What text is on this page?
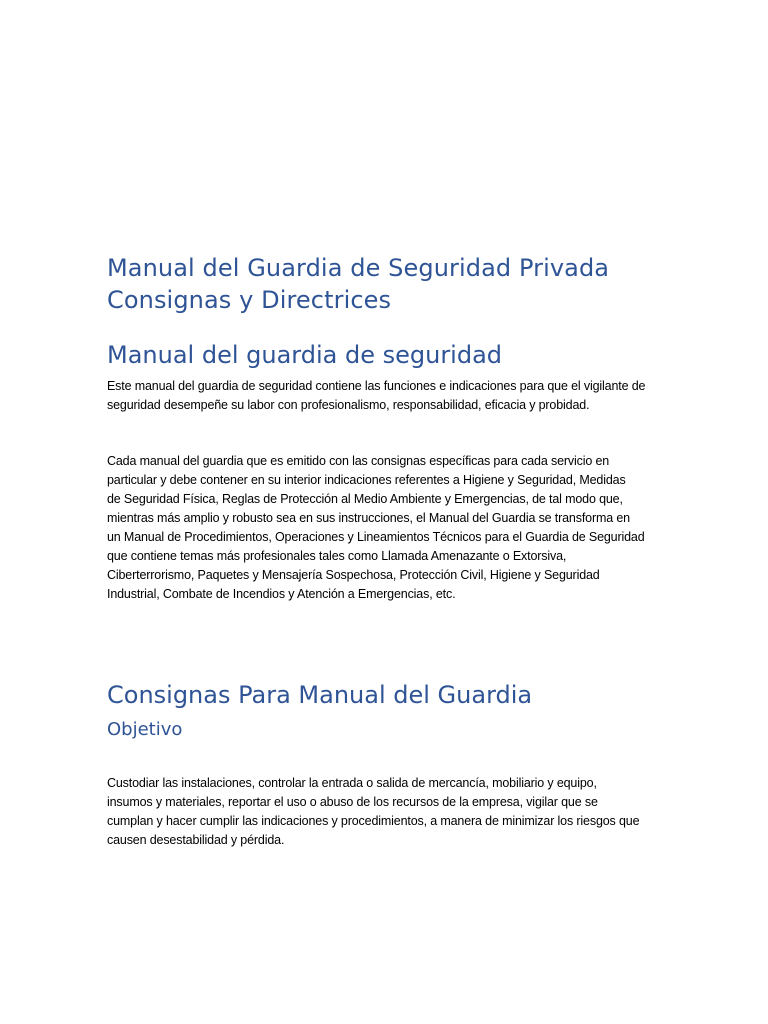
Manual del Guardia de Seguridad Privada
Consignas y Directrices
Manual del guardia de seguridad
Este manual del guardia de seguridad contiene las funciones e indicaciones para que el vigilante de
seguridad desempeñe su labor con profesionalismo, responsabilidad, eficacia y probidad.
Cada manual del guardia que es emitido con las consignas específicas para cada servicio en
particular y debe contener en su interior indicaciones referentes a Higiene y Seguridad, Medidas
de Seguridad Física, Reglas de Protección al Medio Ambiente y Emergencias, de tal modo que,
mientras más amplio y robusto sea en sus instrucciones, el Manual del Guardia se transforma en
un Manual de Procedimientos, Operaciones y Lineamientos Técnicos para el Guardia de Seguridad
que contiene temas más profesionales tales como Llamada Amenazante o Extorsiva,
Ciberterrorismo, Paquetes y Mensajería Sospechosa, Protección Civil, Higiene y Seguridad
Industrial, Combate de Incendios y Atención a Emergencias, etc.
Consignas Para Manual del Guardia
Objetivo
Custodiar las instalaciones, controlar la entrada o salida de mercancía, mobiliario y equipo,
insumos y materiales, reportar el uso o abuso de los recursos de la empresa, vigilar que se
cumplan y hacer cumplir las indicaciones y procedimientos, a manera de minimizar los riesgos que
causen desestabilidad y pérdida.
